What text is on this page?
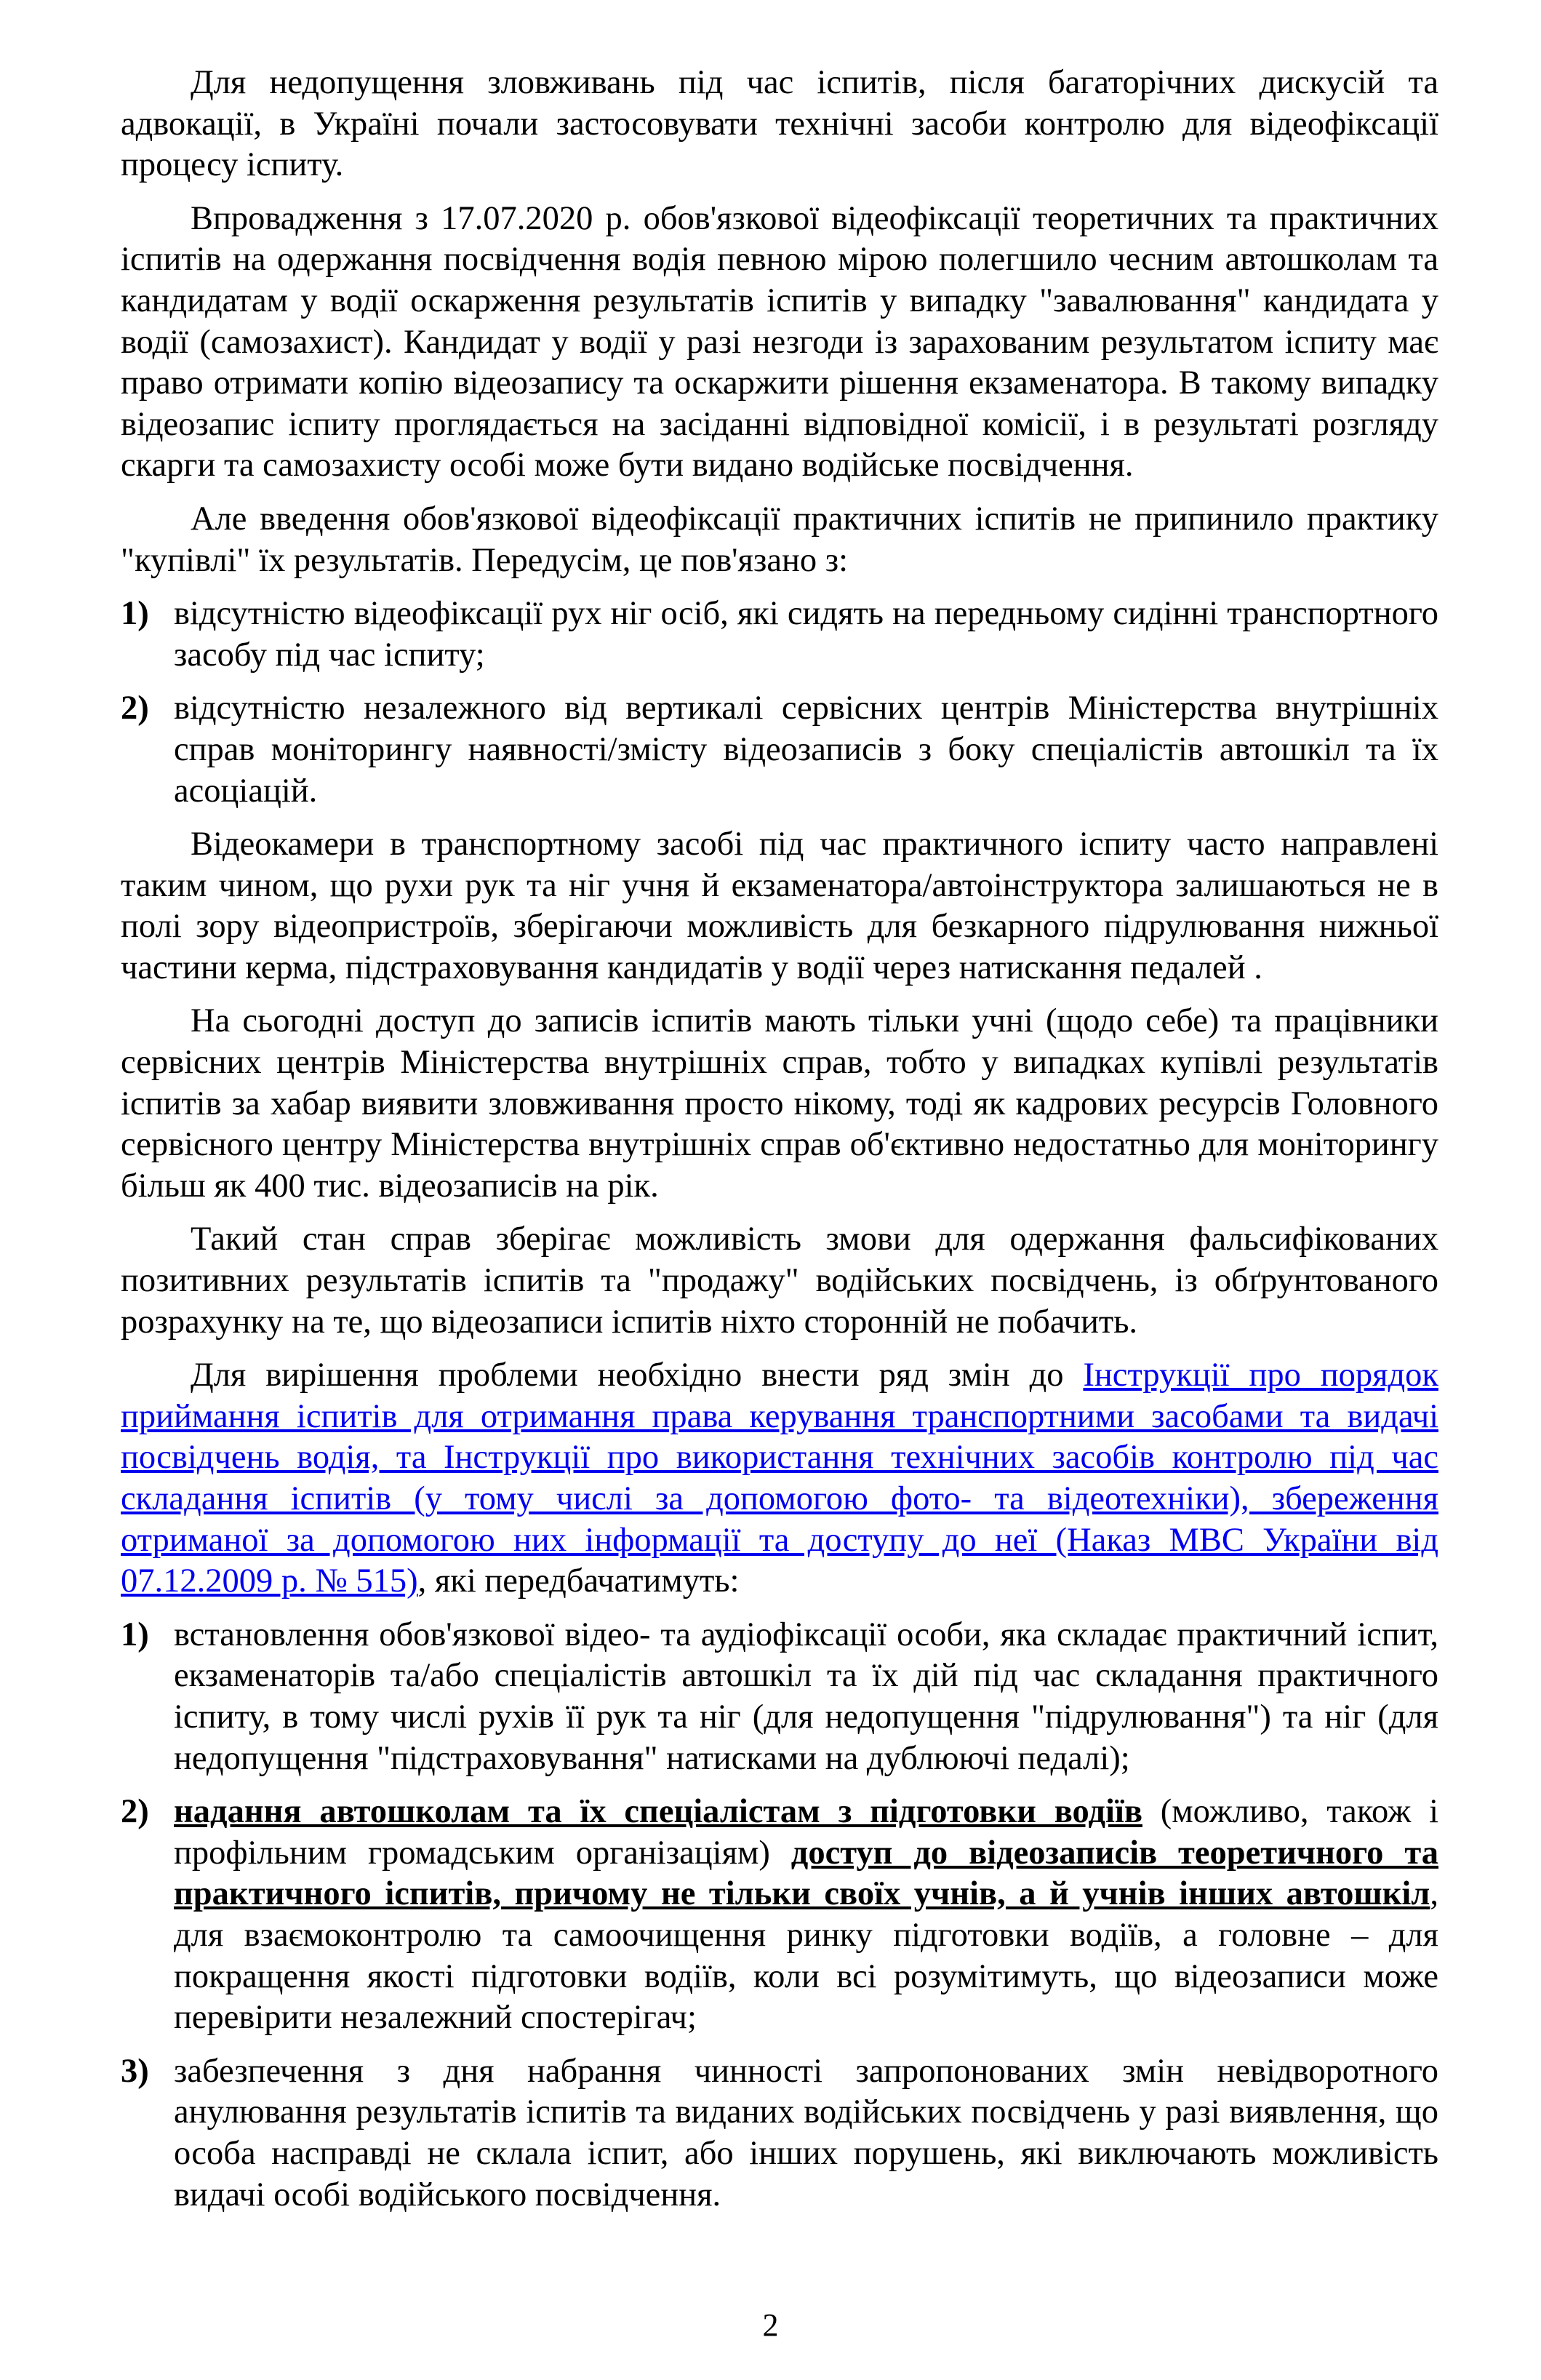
Для недопущення зловживань під час іспитів, після багаторічних дискусій та адвокації, в Україні почали застосовувати технічні засоби контролю для відеофіксації процесу іспиту.

Впровадження з 17.07.2020 р. обов'язкової відеофіксації теоретичних та практичних іспитів на одержання посвідчення водія певною мірою полегшило чесним автошколам та кандидатам у водії оскарження результатів іспитів у випадку "завалювання" кандидата у водії (самозахист). Кандидат у водії у разі незгоди із зарахованим результатом іспиту має право отримати копію відеозапису та оскаржити рішення екзаменатора. В такому випадку відеозапис іспиту проглядається на засіданні відповідної комісії, і в результаті розгляду скарги та самозахисту особі може бути видано водійське посвідчення.

Але введення обов'язкової відеофіксації практичних іспитів не припинило практику "купівлі" їх результатів. Передусім, це пов'язано з:

1) відсутністю відеофіксації рух ніг осіб, які сидять на передньому сидінні транспортного засобу під час іспиту;
2) відсутністю незалежного від вертикалі сервісних центрів Міністерства внутрішніх справ моніторингу наявності/змісту відеозаписів з боку спеціалістів автошкіл та їх асоціацій.

Відеокамери в транспортному засобі під час практичного іспиту часто направлені таким чином, що рухи рук та ніг учня й екзаменатора/автоінструктора залишаються не в полі зору відеопристроїв, зберігаючи можливість для безкарного підрулювання нижньої частини керма, підстраховування кандидатів у водії через натискання педалей .

На сьогодні доступ до записів іспитів мають тільки учні (щодо себе) та працівники сервісних центрів Міністерства внутрішніх справ, тобто у випадках купівлі результатів іспитів за хабар виявити зловживання просто нікому, тоді як кадрових ресурсів Головного сервісного центру Міністерства внутрішніх справ об'єктивно недостатньо для моніторингу більш як 400 тис. відеозаписів на рік.

Такий стан справ зберігає можливість змови для одержання фальсифікованих позитивних результатів іспитів та "продажу" водійських посвідчень, із обґрунтованого розрахунку на те, що відеозаписи іспитів ніхто сторонній не побачить.

Для вирішення проблеми необхідно внести ряд змін до Інструкції про порядок приймання іспитів для отримання права керування транспортними засобами та видачі посвідчень водія, та Інструкції про використання технічних засобів контролю під час складання іспитів (у тому числі за допомогою фото- та відеотехніки), збереження отриманої за допомогою них інформації та доступу до неї (Наказ МВС України від 07.12.2009 р. № 515), які передбачатимуть:

1) встановлення обов'язкової відео- та аудіофіксації особи, яка складає практичний іспит, екзаменаторів та/або спеціалістів автошкіл та їх дій під час складання практичного іспиту, в тому числі рухів її рук та ніг (для недопущення "підрулювання") та ніг (для недопущення "підстраховування" натисками на дублюючі педалі);
2) надання автошколам та їх спеціалістам з підготовки водіїв (можливо, також і профільним громадським організаціям) доступ до відеозаписів теоретичного та практичного іспитів, причому не тільки своїх учнів, а й учнів інших автошкіл, для взаємоконтролю та самоочищення ринку підготовки водіїв, а головне – для покращення якості підготовки водіїв, коли всі розумітимуть, що відеозаписи може перевірити незалежний спостерігач;
3) забезпечення з дня набрання чинності запропонованих змін невідворотного анулювання результатів іспитів та виданих водійських посвідчень у разі виявлення, що особа насправді не склала іспит, або інших порушень, які виключають можливість видачі особі водійського посвідчення.
2
